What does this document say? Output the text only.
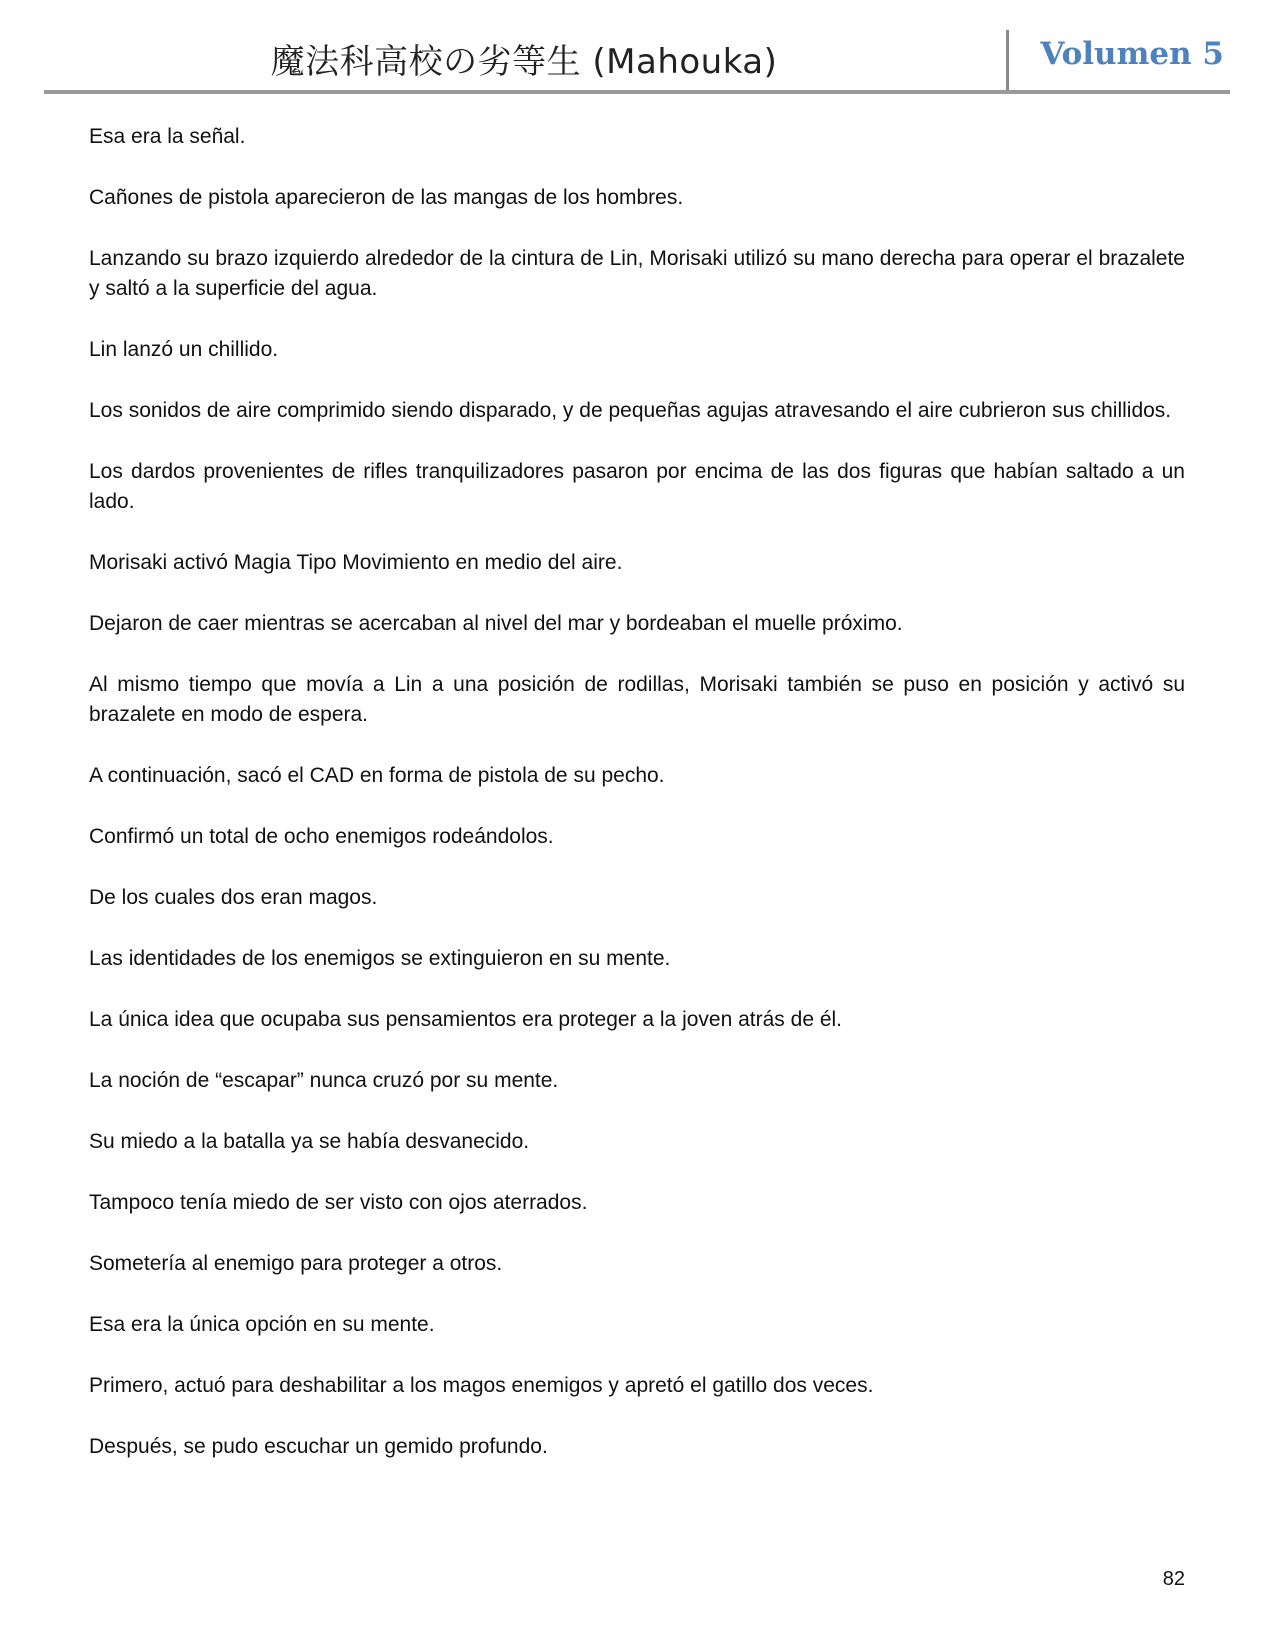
魔法科高校の劣等生 (Mahouka)	Volumen 5

Esa era la señal.

Cañones de pistola aparecieron de las mangas de los hombres.

Lanzando su brazo izquierdo alrededor de la cintura de Lin, Morisaki utilizó su mano derecha para operar el brazalete y saltó a la superficie del agua.

Lin lanzó un chillido.

Los sonidos de aire comprimido siendo disparado, y de pequeñas agujas atravesando el aire cubrieron sus chillidos.

Los dardos provenientes de rifles tranquilizadores pasaron por encima de las dos figuras que habían saltado a un lado.

Morisaki activó Magia Tipo Movimiento en medio del aire.

Dejaron de caer mientras se acercaban al nivel del mar y bordeaban el muelle próximo.

Al mismo tiempo que movía a Lin a una posición de rodillas, Morisaki también se puso en posición y activó su brazalete en modo de espera.

A continuación, sacó el CAD en forma de pistola de su pecho.

Confirmó un total de ocho enemigos rodeándolos.

De los cuales dos eran magos.

Las identidades de los enemigos se extinguieron en su mente.

La única idea que ocupaba sus pensamientos era proteger a la joven atrás de él.

La noción de “escapar” nunca cruzó por su mente.

Su miedo a la batalla ya se había desvanecido.

Tampoco tenía miedo de ser visto con ojos aterrados.

Sometería al enemigo para proteger a otros.

Esa era la única opción en su mente.

Primero, actuó para deshabilitar a los magos enemigos y apretó el gatillo dos veces.

Después, se pudo escuchar un gemido profundo.

82
